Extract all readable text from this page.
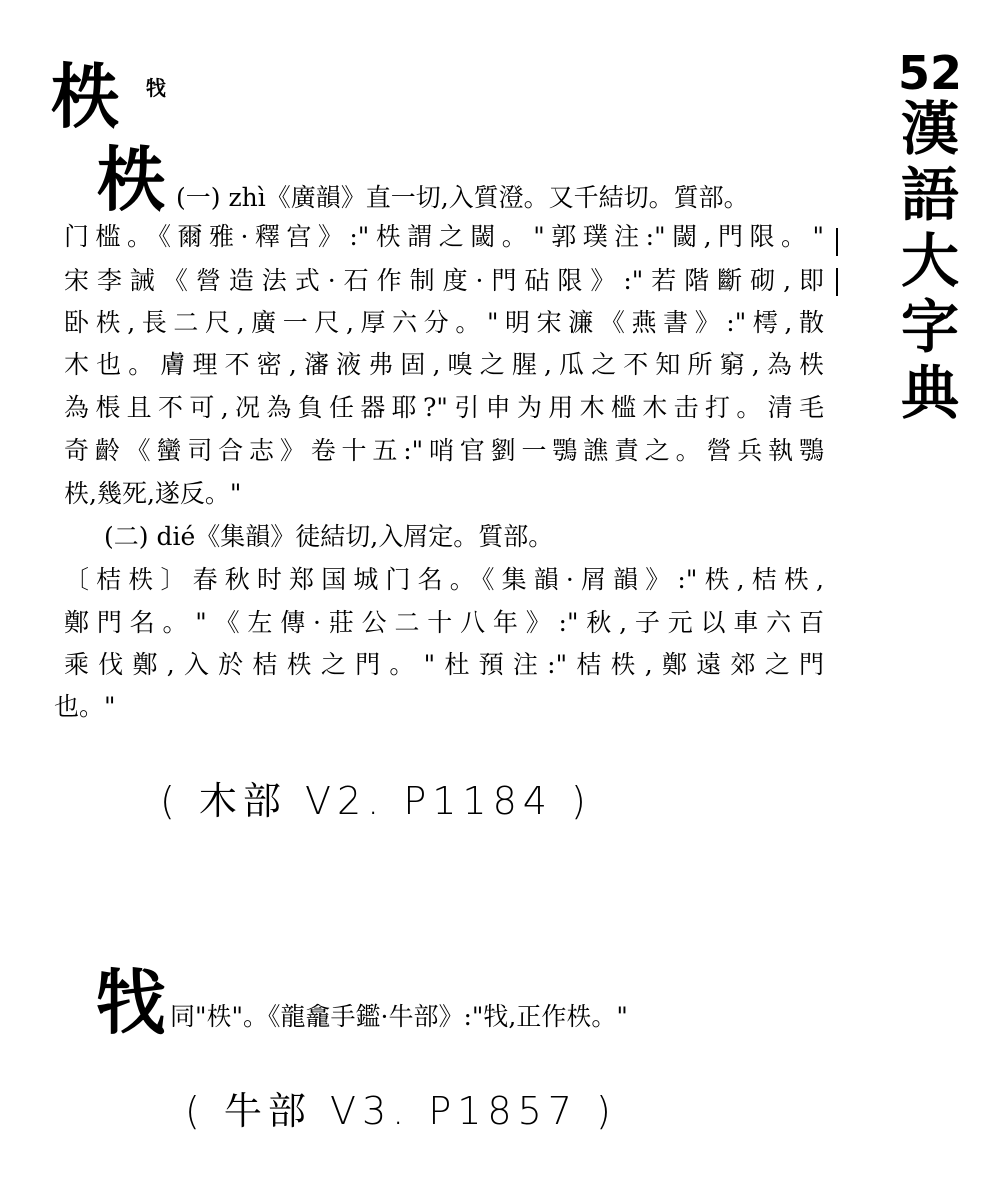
柣 牫	52
漢
語
大
字
典
柣 (一) zhì《廣韻》直一切,入質澄。又千結切。質部。
门槛。《爾雅·釋宫》:"柣謂之閾。"郭璞注:"閾,門限。"
宋李誡《營造法式·石作制度·門砧限》:"若階斷砌,即
卧柣,長二尺,廣一尺,厚六分。"明宋濂《燕書》:"樗,散
木也。膚理不密,瀋液弗固,嗅之腥,瓜之不知所窮,為柣
為棖且不可,况為負任器耶?"引申为用木槛木击打。清毛
奇齡《蠻司合志》卷十五:"哨官劉一鶚譙責之。營兵執鶚
柣,幾死,遂反。"
(二) dié《集韻》徒結切,入屑定。質部。
〔桔柣〕春秋时郑国城门名。《集韻·屑韻》:"柣,桔柣,
鄭門名。"《左傳·莊公二十八年》:"秋,子元以車六百
乘伐鄭,入於桔柣之門。"杜預注:"桔柣,鄭遠郊之門
也。"
( 木部 V2. P1184 )
牫 同"柣"。《龍龕手鑑·牛部》:"牫,正作柣。"
( 牛部 V3. P1857 )
